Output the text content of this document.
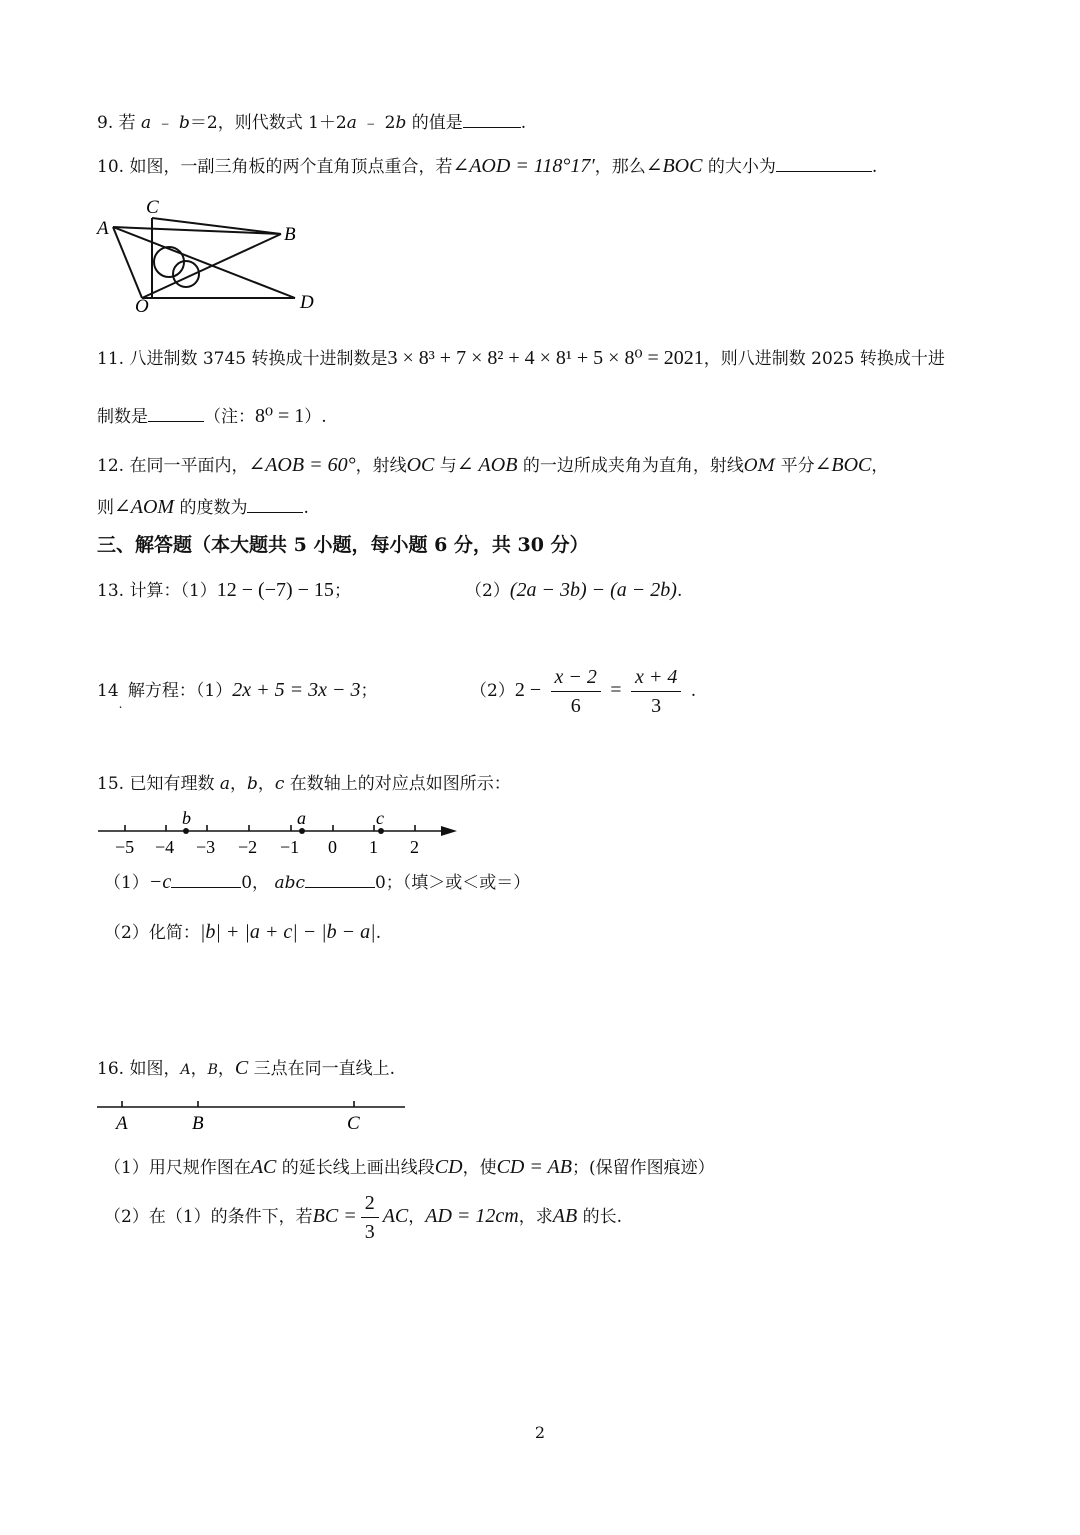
9. 若 a ﹣ b＝2，则代数式 1＋2a ﹣ 2b 的值是	.
10. 如图，一副三角板的两个直角顶点重合，若∠AOD = 118°17′，那么∠BOC 的大小为	.
A
C
B
D
O
11. 八进制数 3745 转换成十进制数是3 × 8³ + 7 × 8² + 4 × 8¹ + 5 × 8⁰ = 2021，则八进制数 2025 转换成十进
制数是	（注：8⁰ = 1）.
12. 在同一平面内，∠AOB = 60°，射线OC 与∠ AOB 的一边所成夹角为直角，射线OM 平分∠BOC，
则∠AOM 的度数为	.
三、解答题（本大题共 5 小题，每小题 6 分，共 30 分）
13. 计算：（1）12 − (−7) − 15；	（2）(2a − 3b) − (a − 2b).
$14_.$ 解方程：（1）2x + 5 = 3x − 3；	$(2)2 - \frac{x - 2}{6} = \frac{x + 4}{3}$ .
15. 已知有理数 a，b，c 在数轴上的对应点如图所示：
b	a	c
−5 −4 −3 −2 −1 0 1 2
（1）−c	0， abc	0；（填＞或＜或＝）
（2）化简：|b| + |a + c| − |b − a|.
16. 如图，A，B，C 三点在同一直线上.
A	B	C
（1）用尺规作图在AC 的延长线上画出线段CD，使CD = AB；(保留作图痕迹）
（2）在（1）的条件下，若BC = $\frac{2}{3}$ AC，AD = 12cm，求AB 的长.
2
